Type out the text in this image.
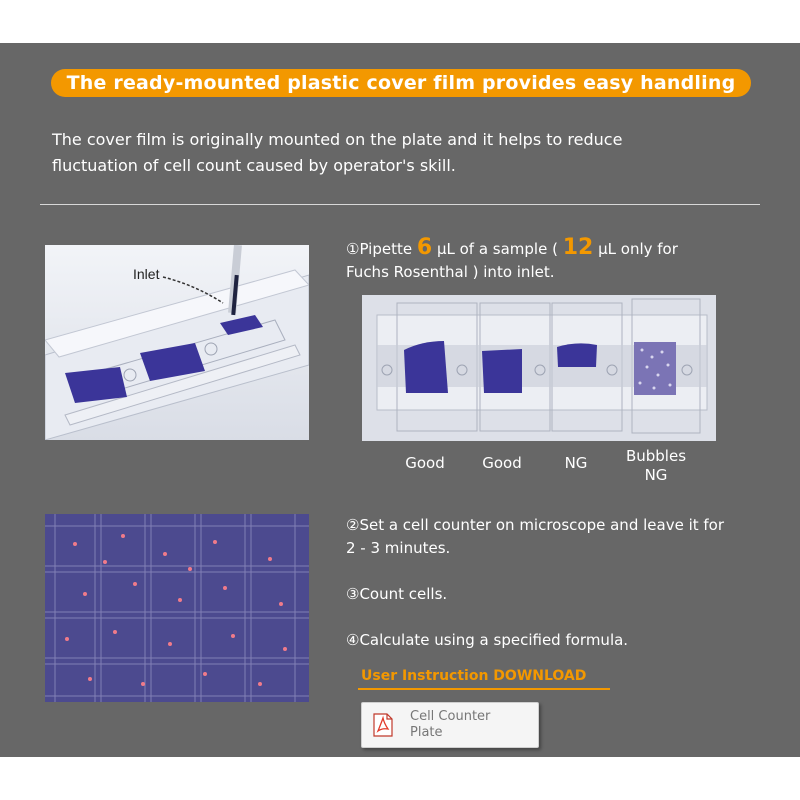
The ready-mounted plastic cover film provides easy handling
The cover film is originally mounted on the plate and it helps to reduce
fluctuation of cell count caused by operator's skill.
Inlet
①Pipette 6 μL of a sample ( 12 μL only for
Fuchs Rosenthal ) into inlet.
Good	Good	NG	Bubbles
NG
②Set a cell counter on microscope and leave it for
2 - 3 minutes.
③Count cells.
④Calculate using a specified formula.
User Instruction DOWNLOAD
Cell Counter
Plate
